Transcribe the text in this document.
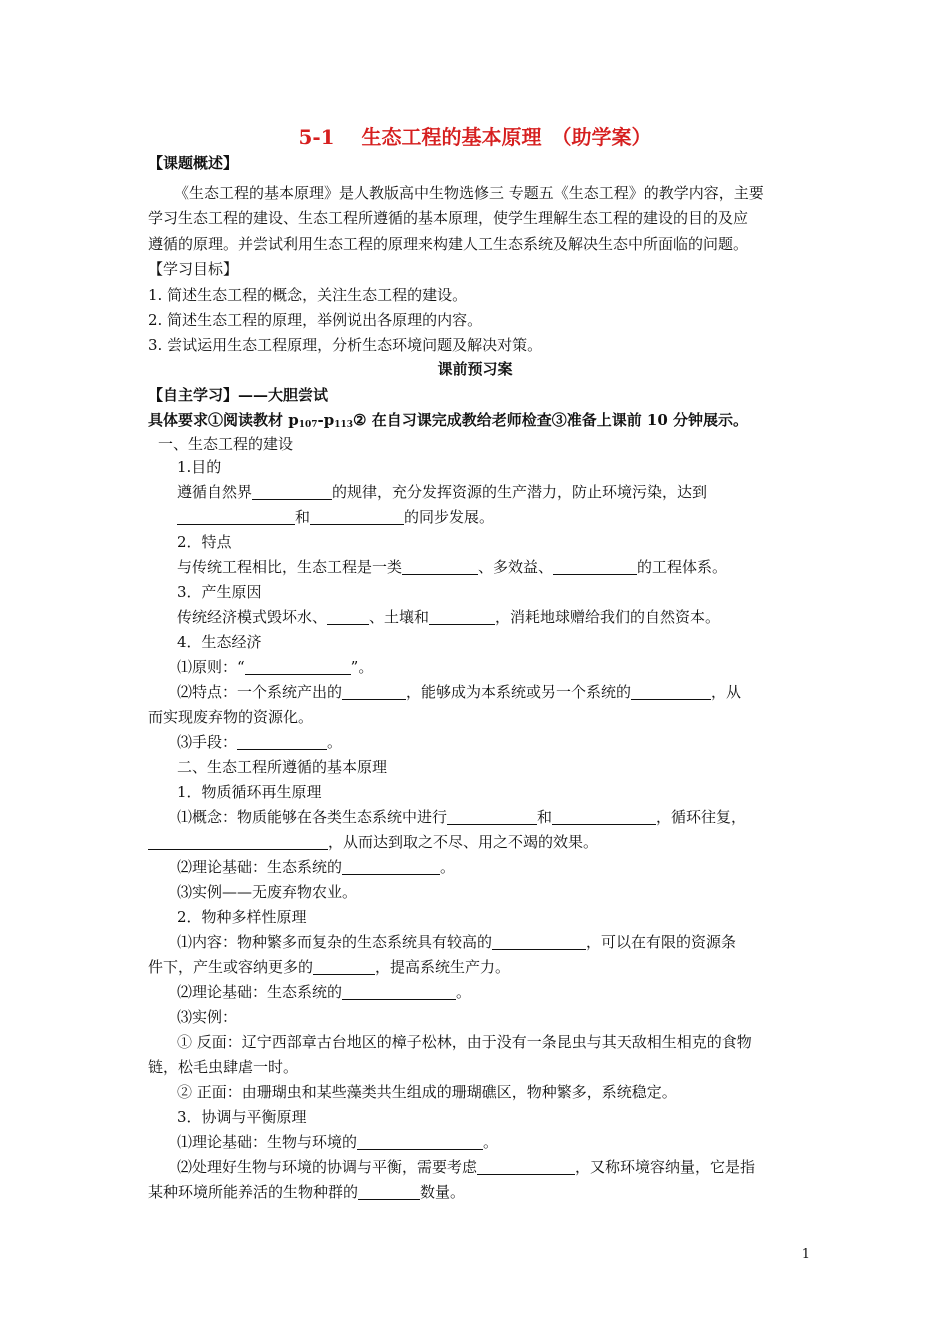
5-1　 生态工程的基本原理　（助学案）
【课题概述】
《生态工程的基本原理》是人教版高中生物选修三 专题五《生态工程》的教学内容，主要
学习生态工程的建设、生态工程所遵循的基本原理，使学生理解生态工程的建设的目的及应
遵循的原理。并尝试利用生态工程的原理来构建人工生态系统及解决生态中所面临的问题。
【学习目标】
1. 简述生态工程的概念，关注生态工程的建设。
2. 简述生态工程的原理，举例说出各原理的内容。
3. 尝试运用生态工程原理，分析生态环境问题及解决对策。
课前预习案
【自主学习】——大胆尝试
具体要求①阅读教材 $p_{107}-p_{113}②$ 在自习课完成教给老师检查③准备上课前 10 分钟展示。
一、生态工程的建设
1.目的
遵循自然界	的规律，充分发挥资源的生产潜力，防止环境污染，达到
和	的同步发展。
2．特点
与传统工程相比，生态工程是一类	、多效益、	的工程体系。
3．产生原因
传统经济模式毁坏水、	、土壤和	，消耗地球赠给我们的自然资本。
4．生态经济
⑴原则：“	”。
⑵特点：一个系统产出的	，能够成为本系统或另一个系统的	，从
而实现废弃物的资源化。
⑶手段：	。
二、生态工程所遵循的基本原理
1．物质循环再生原理
⑴概念：物质能够在各类生态系统中进行	和	，循环往复，
，从而达到取之不尽、用之不竭的效果。
⑵理论基础：生态系统的	。
⑶实例——无废弃物农业。
2．物种多样性原理
⑴内容：物种繁多而复杂的生态系统具有较高的	，可以在有限的资源条
件下，产生或容纳更多的	，提高系统生产力。
⑵理论基础：生态系统的	。
⑶实例：
① 反面：辽宁西部章古台地区的樟子松林，由于没有一条昆虫与其天敌相生相克的食物
链，松毛虫肆虐一时。
② 正面：由珊瑚虫和某些藻类共生组成的珊瑚礁区，物种繁多，系统稳定。
3．协调与平衡原理
⑴理论基础：生物与环境的	。
⑵处理好生物与环境的协调与平衡，需要考虑	，又称环境容纳量，它是指
某种环境所能养活的生物种群的	数量。
1
